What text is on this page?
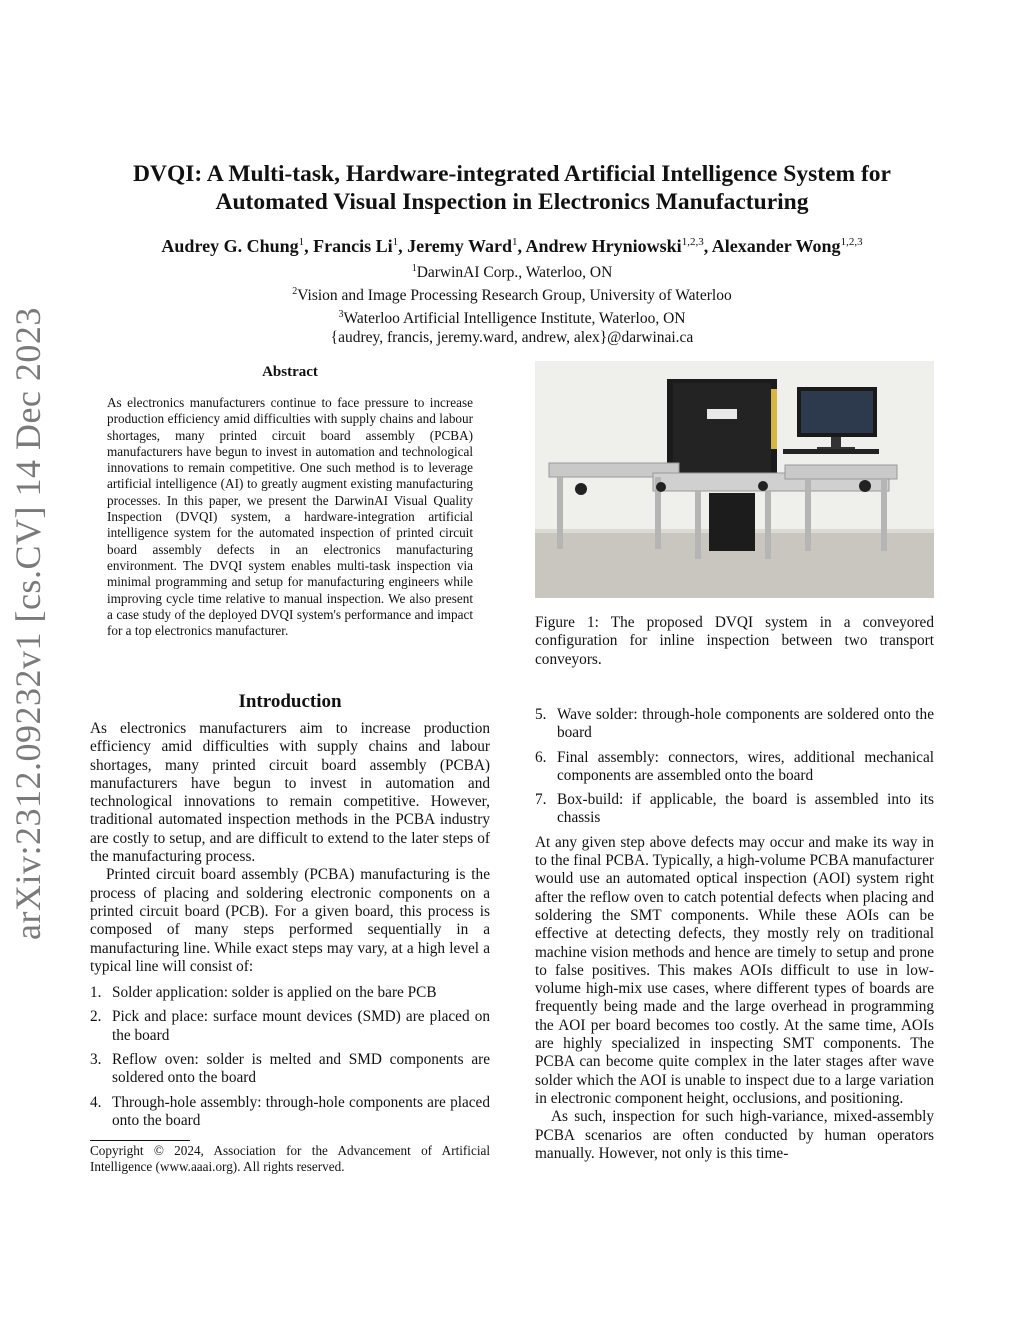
arXiv:2312.09232v1 [cs.CV] 14 Dec 2023
DVQI: A Multi-task, Hardware-integrated Artificial Intelligence System for
Automated Visual Inspection in Electronics Manufacturing
Audrey G. Chung$^1$, Francis Li$^1$, Jeremy Ward$^1$, Andrew Hryniowski$^{1,2,3}$, Alexander Wong$^{1,2,3}$
$^1$DarwinAI Corp., Waterloo, ON
$^2$Vision and Image Processing Research Group, University of Waterloo
$^3$Waterloo Artificial Intelligence Institute, Waterloo, ON
{audrey, francis, jeremy.ward, andrew, alex}@darwinai.ca
Abstract
As electronics manufacturers continue to face pressure to increase production efficiency amid difficulties with supply chains and labour shortages, many printed circuit board assembly (PCBA) manufacturers have begun to invest in automation and technological innovations to remain competitive. One such method is to leverage artificial intelligence (AI) to greatly augment existing manufacturing processes. In this paper, we present the DarwinAI Visual Quality Inspection (DVQI) system, a hardware-integration artificial intelligence system for the automated inspection of printed circuit board assembly defects in an electronics manufacturing environment. The DVQI system enables multi-task inspection via minimal programming and setup for manufacturing engineers while improving cycle time relative to manual inspection. We also present a case study of the deployed DVQI system's performance and impact for a top electronics manufacturer.
Introduction

As electronics manufacturers aim to increase production efficiency amid difficulties with supply chains and labour shortages, many printed circuit board assembly (PCBA) manufacturers have begun to invest in automation and technological innovations to remain competitive. However, traditional automated inspection methods in the PCBA industry are costly to setup, and are difficult to extend to the later steps of the manufacturing process.

Printed circuit board assembly (PCBA) manufacturing is the process of placing and soldering electronic components on a printed circuit board (PCB). For a given board, this process is composed of many steps performed sequentially in a manufacturing line. While exact steps may vary, at a high level a typical line will consist of:

1. Solder application: solder is applied on the bare PCB
2. Pick and place: surface mount devices (SMD) are placed on the board
3. Reflow oven: solder is melted and SMD components are soldered onto the board
4. Through-hole assembly: through-hole components are placed onto the board
Copyright © 2024, Association for the Advancement of Artificial Intelligence (www.aaai.org). All rights reserved.
Figure 1: The proposed DVQI system in a conveyored configuration for inline inspection between two transport conveyors.
5. Wave solder: through-hole components are soldered onto the board
6. Final assembly: connectors, wires, additional mechanical components are assembled onto the board
7. Box-build: if applicable, the board is assembled into its chassis

At any given step above defects may occur and make its way in to the final PCBA. Typically, a high-volume PCBA manufacturer would use an automated optical inspection (AOI) system right after the reflow oven to catch potential defects when placing and soldering the SMT components. While these AOIs can be effective at detecting defects, they mostly rely on traditional machine vision methods and hence are timely to setup and prone to false positives. This makes AOIs difficult to use in low-volume high-mix use cases, where different types of boards are frequently being made and the large overhead in programming the AOI per board becomes too costly. At the same time, AOIs are highly specialized in inspecting SMT components. The PCBA can become quite complex in the later stages after wave solder which the AOI is unable to inspect due to a large variation in electronic component height, occlusions, and positioning.

As such, inspection for such high-variance, mixed-assembly PCBA scenarios are often conducted by human operators manually. However, not only is this time-
